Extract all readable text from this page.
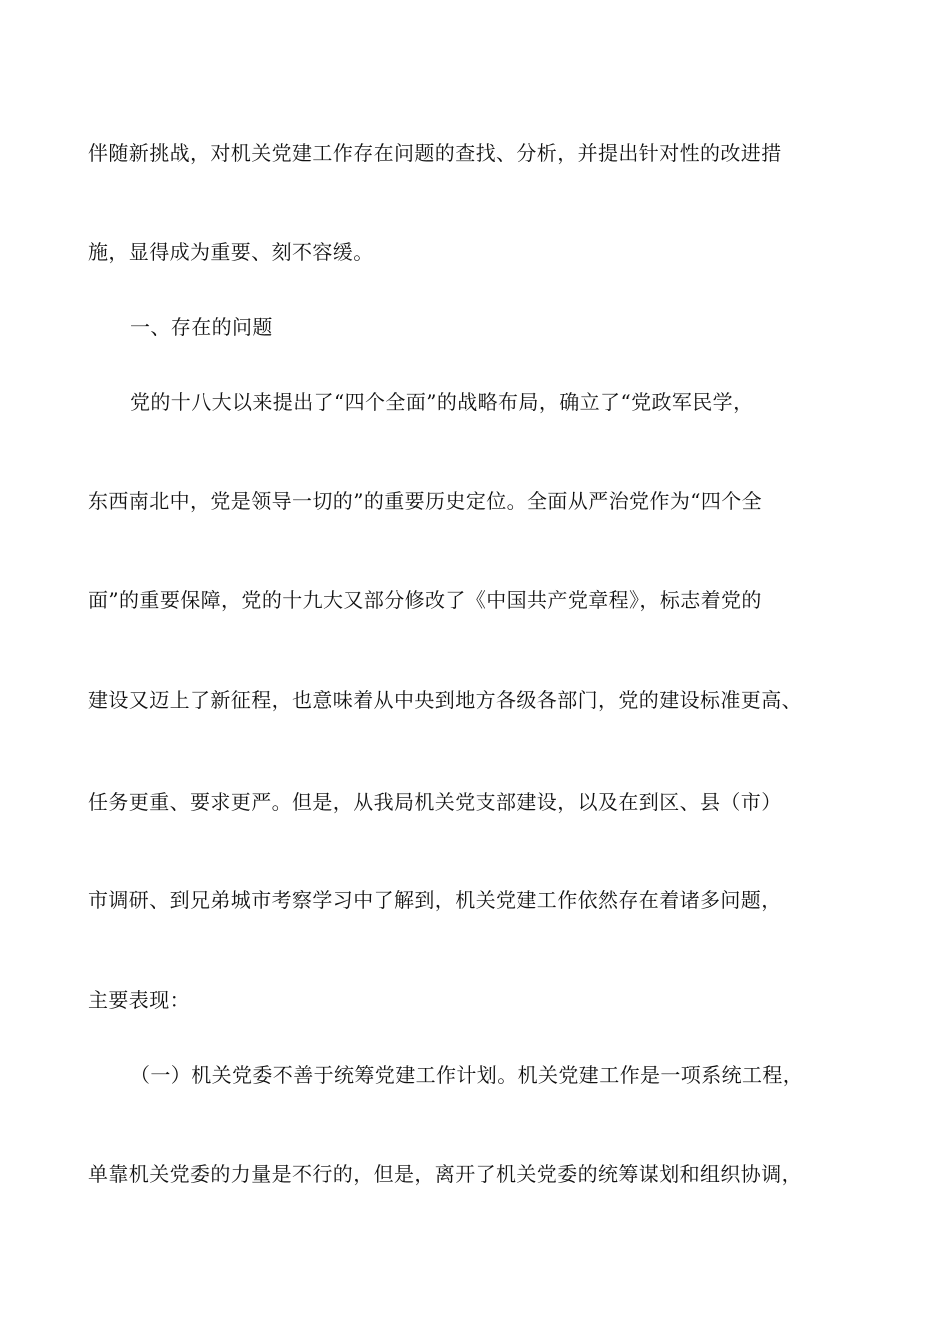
伴随新挑战，对机关党建工作存在问题的查找、分析，并提出针对性的改进措
施，显得成为重要、刻不容缓。
一、存在的问题
党的十八大以来提出了“四个全面”的战略布局，确立了“党政军民学，
东西南北中，党是领导一切的”的重要历史定位。全面从严治党作为“四个全
面”的重要保障，党的十九大又部分修改了《中国共产党章程》，标志着党的
建设又迈上了新征程，也意味着从中央到地方各级各部门，党的建设标准更高、
任务更重、要求更严。但是，从我局机关党支部建设，以及在到区、县（市）
市调研、到兄弟城市考察学习中了解到，机关党建工作依然存在着诸多问题，
主要表现：
（一）机关党委不善于统筹党建工作计划。机关党建工作是一项系统工程，
单靠机关党委的力量是不行的，但是，离开了机关党委的统筹谋划和组织协调，
